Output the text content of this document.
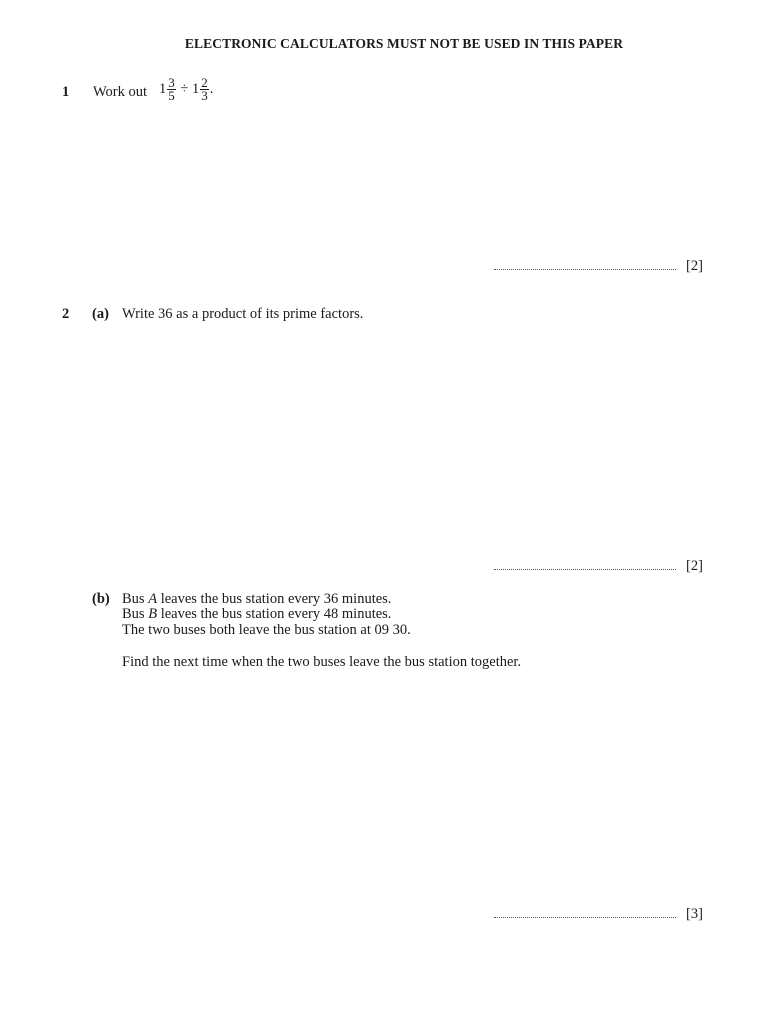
ELECTRONIC CALCULATORS MUST NOT BE USED IN THIS PAPER
1 Work out $1 \frac{3}{5} \div 1 \frac{2}{3}$ .
[2]
2 (a) Write 36 as a product of its prime factors.
[2]
(b) Bus A leaves the bus station every 36 minutes.
Bus B leaves the bus station every 48 minutes.
The two buses both leave the bus station at 09 30.
Find the next time when the two buses leave the bus station together.
[3]
